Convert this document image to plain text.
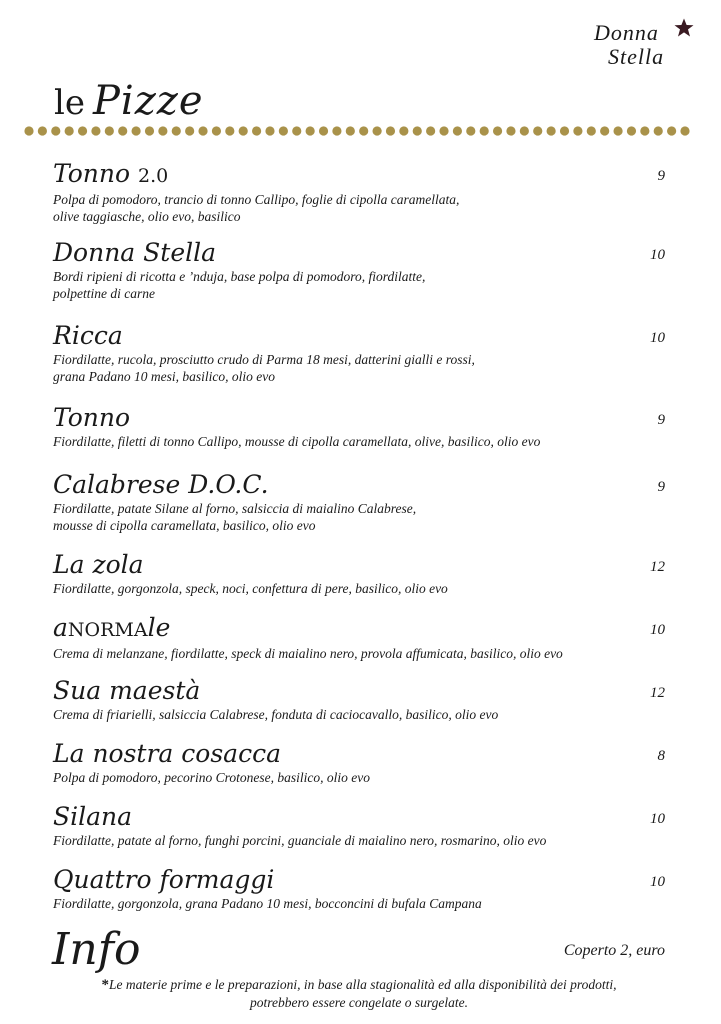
Donna
Stella
le Pizze
Tonno 2.0	9
Polpa di pomodoro, trancio di tonno Callipo, foglie di cipolla caramellata,
olive taggiasche, olio evo, basilico
Donna Stella	10
Bordi ripieni di ricotta e ’nduja, base polpa di pomodoro, fiordilatte,
polpettine di carne
Ricca	10
Fiordilatte, rucola, prosciutto crudo di Parma 18 mesi, datterini gialli e rossi,
grana Padano 10 mesi, basilico, olio evo
Tonno	9
Fiordilatte, filetti di tonno Callipo, mousse di cipolla caramellata, olive, basilico, olio evo
Calabrese D.O.C.	9
Fiordilatte, patate Silane al forno, salsiccia di maialino Calabrese,
mousse di cipolla caramellata, basilico, olio evo
La zola	12
Fiordilatte, gorgonzola, speck, noci, confettura di pere, basilico, olio evo
aNORMAle	10
Crema di melanzane, fiordilatte, speck di maialino nero, provola affumicata, basilico, olio evo
Sua maestà	12
Crema di friarielli, salsiccia Calabrese, fonduta di caciocavallo, basilico, olio evo
La nostra cosacca	8
Polpa di pomodoro, pecorino Crotonese, basilico, olio evo
Silana	10
Fiordilatte, patate al forno, funghi porcini, guanciale di maialino nero, rosmarino, olio evo
Quattro formaggi	10
Fiordilatte, gorgonzola, grana Padano 10 mesi, bocconcini di bufala Campana
Info	Coperto 2, euro
*Le materie prime e le preparazioni, in base alla stagionalità ed alla disponibilità dei prodotti,
potrebbero essere congelate o surgelate.
